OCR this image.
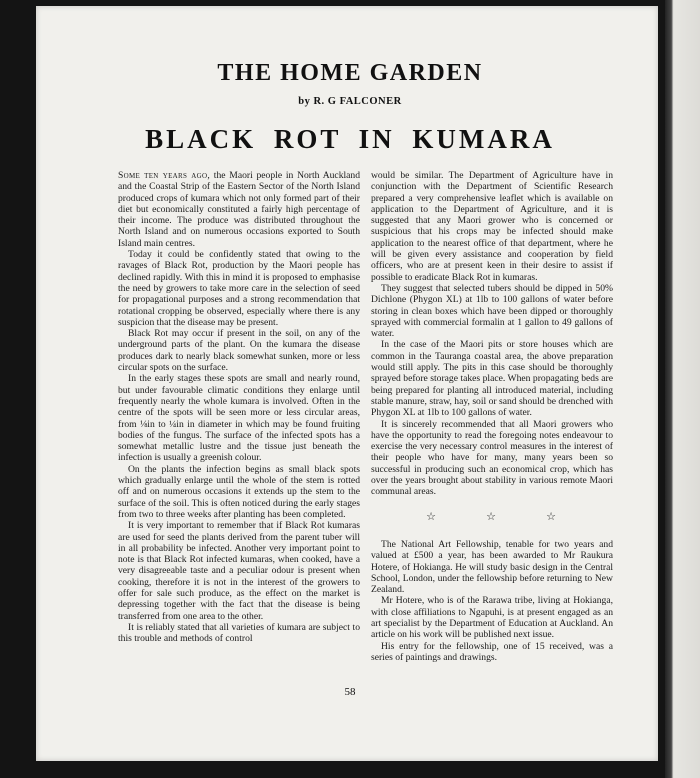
THE HOME GARDEN
by R. G FALCONER
BLACK ROT IN KUMARA

Some ten years ago, the Maori people in North Auckland and the Coastal Strip of the Eastern Sector of the North Island produced crops of kumara which not only formed part of their diet but economically constituted a fairly high percentage of their income. The produce was distributed throughout the North Island and on numerous occasions exported to South Island main centres.

Today it could be confidently stated that owing to the ravages of Black Rot, production by the Maori people has declined rapidly. With this in mind it is proposed to emphasise the need by growers to take more care in the selection of seed for propagational purposes and a strong recommendation that rotational cropping be observed, especially where there is any suspicion that the disease may be present.

Black Rot may occur if present in the soil, on any of the underground parts of the plant. On the kumara the disease produces dark to nearly black somewhat sunken, more or less circular spots on the surface.

In the early stages these spots are small and nearly round, but under favourable climatic conditions they enlarge until frequently nearly the whole kumara is involved. Often in the centre of the spots will be seen more or less circular areas, from ⅛in to ¼in in diameter in which may be found fruiting bodies of the fungus. The surface of the infected spots has a somewhat metallic lustre and the tissue just beneath the infection is usually a greenish colour.

On the plants the infection begins as small black spots which gradually enlarge until the whole of the stem is rotted off and on numerous occasions it extends up the stem to the surface of the soil. This is often noticed during the early stages from two to three weeks after planting has been completed.

It is very important to remember that if Black Rot kumaras are used for seed the plants derived from the parent tuber will in all probability be infected. Another very important point to note is that Black Rot infected kumaras, when cooked, have a very disagreeable taste and a peculiar odour is present when cooking, therefore it is not in the interest of the growers to offer for sale such produce, as the effect on the market is depressing together with the fact that the disease is being transferred from one area to the other.

It is reliably stated that all varieties of kumara are subject to this trouble and methods of control

would be similar. The Department of Agriculture have in conjunction with the Department of Scientific Research prepared a very comprehensive leaflet which is available on application to the Department of Agriculture, and it is suggested that any Maori grower who is concerned or suspicious that his crops may be infected should make application to the nearest office of that department, where he will be given every assistance and cooperation by field officers, who are at present keen in their desire to assist if possible to eradicate Black Rot in kumaras.

They suggest that selected tubers should be dipped in 50% Dichlone (Phygon XL) at 1lb to 100 gallons of water before storing in clean boxes which have been dipped or thoroughly sprayed with commercial formalin at 1 gallon to 49 gallons of water.

In the case of the Maori pits or store houses which are common in the Tauranga coastal area, the above preparation would still apply. The pits in this case should be thoroughly sprayed before storage takes place. When propagating beds are being prepared for planting all introduced material, including stable manure, straw, hay, soil or sand should be drenched with Phygon XL at 1lb to 100 gallons of water.

It is sincerely recommended that all Maori growers who have the opportunity to read the foregoing notes endeavour to exercise the very necessary control measures in the interest of their people who have for many, many years been so successful in producing such an economical crop, which has over the years brought about stability in various remote Maori communal areas.

☆	☆	☆

The National Art Fellowship, tenable for two years and valued at £500 a year, has been awarded to Mr Raukura Hotere, of Hokianga. He will study basic design in the Central School, London, under the fellowship before returning to New Zealand.

Mr Hotere, who is of the Rarawa tribe, living at Hokianga, with close affiliations to Ngapuhi, is at present engaged as an art specialist by the Department of Education at Auckland. An article on his work will be published next issue.

His entry for the fellowship, one of 15 received, was a series of paintings and drawings.

58
